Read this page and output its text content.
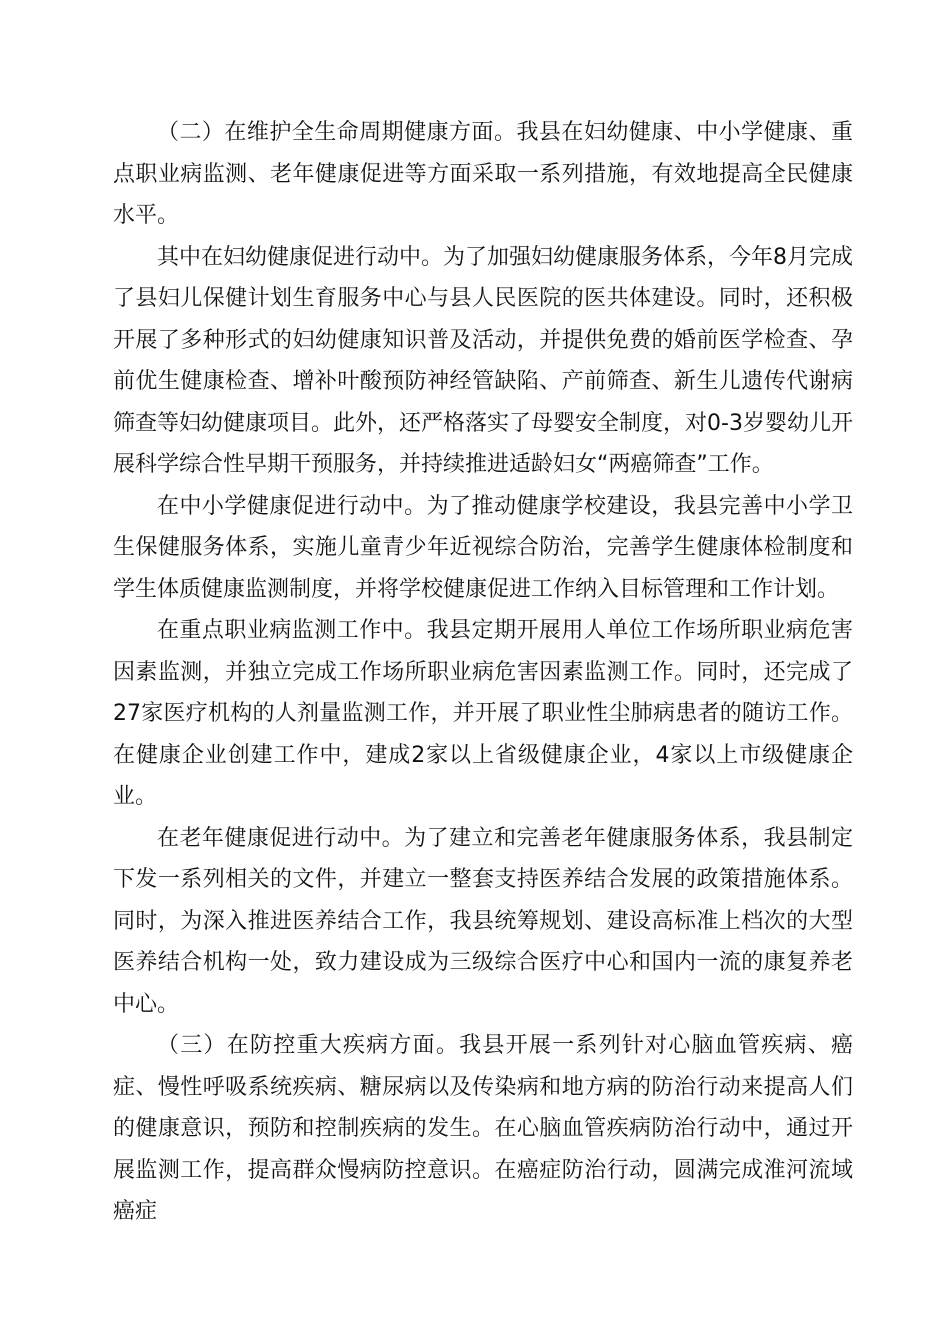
（二）在维护全生命周期健康方面。我县在妇幼健康、中小学健康、重点职业病监测、老年健康促进等方面采取一系列措施，有效地提高全民健康水平。

其中在妇幼健康促进行动中。为了加强妇幼健康服务体系，今年8月完成了县妇儿保健计划生育服务中心与县人民医院的医共体建设。同时，还积极开展了多种形式的妇幼健康知识普及活动，并提供免费的婚前医学检查、孕前优生健康检查、增补叶酸预防神经管缺陷、产前筛查、新生儿遗传代谢病筛查等妇幼健康项目。此外，还严格落实了母婴安全制度，对0-3岁婴幼儿开展科学综合性早期干预服务，并持续推进适龄妇女“两癌筛查”工作。

在中小学健康促进行动中。为了推动健康学校建设，我县完善中小学卫生保健服务体系，实施儿童青少年近视综合防治，完善学生健康体检制度和学生体质健康监测制度，并将学校健康促进工作纳入目标管理和工作计划。

在重点职业病监测工作中。我县定期开展用人单位工作场所职业病危害因素监测，并独立完成工作场所职业病危害因素监测工作。同时，还完成了27家医疗机构的人剂量监测工作，并开展了职业性尘肺病患者的随访工作。在健康企业创建工作中，建成2家以上省级健康企业，4家以上市级健康企业。

在老年健康促进行动中。为了建立和完善老年健康服务体系，我县制定下发一系列相关的文件，并建立一整套支持医养结合发展的政策措施体系。同时，为深入推进医养结合工作，我县统筹规划、建设高标准上档次的大型医养结合机构一处，致力建设成为三级综合医疗中心和国内一流的康复养老中心。

（三）在防控重大疾病方面。我县开展一系列针对心脑血管疾病、癌症、慢性呼吸系统疾病、糖尿病以及传染病和地方病的防治行动来提高人们的健康意识，预防和控制疾病的发生。在心脑血管疾病防治行动中，通过开展监测工作，提高群众慢病防控意识。在癌症防治行动，圆满完成淮河流域癌症
